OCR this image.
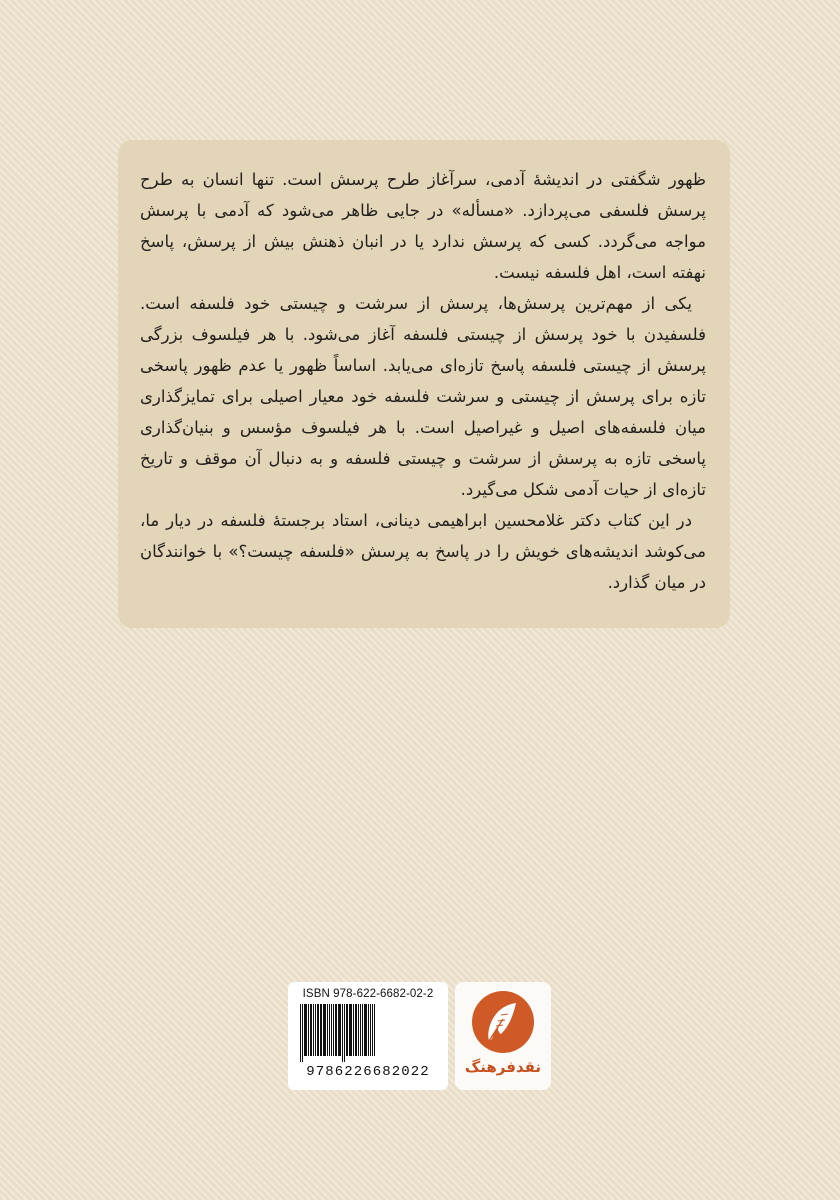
ظهور شگفتی در اندیشهٔ آدمی، سرآغاز طرح پرسش است. تنها انسان به طرح پرسش فلسفی می‌پردازد. «مسأله» در جایی ظاهر می‌شود که آدمی با پرسش مواجه می‌گردد. کسی که پرسش ندارد یا در انبان ذهنش بیش از پرسش، پاسخ نهفته است، اهل فلسفه نیست.

یکی از مهم‌ترین پرسش‌ها، پرسش از سرشت و چیستی خود فلسفه است. فلسفیدن با خود پرسش از چیستی فلسفه آغاز می‌شود. با هر فیلسوف بزرگی پرسش از چیستی فلسفه پاسخ تازه‌ای می‌یابد. اساساً ظهور یا عدم ظهور پاسخی تازه برای پرسش از چیستی و سرشت فلسفه خود معیار اصیلی برای تمایزگذاری میان فلسفه‌های اصیل و غیراصیل است. با هر فیلسوف مؤسس و بنیان‌گذاری پاسخی تازه به پرسش از سرشت و چیستی فلسفه و به دنبال آن موقف و تاریخ تازه‌ای از حیات آدمی شکل می‌گیرد.

در این کتاب دکتر غلامحسین ابراهیمی دینانی، استاد برجستهٔ فلسفه در دیار ما، می‌کوشد اندیشه‌های خویش را در پاسخ به پرسش «فلسفه چیست؟» با خوانندگان در میان گذارد.

ISBN 978-622-6682-02-2
9786226682022	نقدفرهنگ
